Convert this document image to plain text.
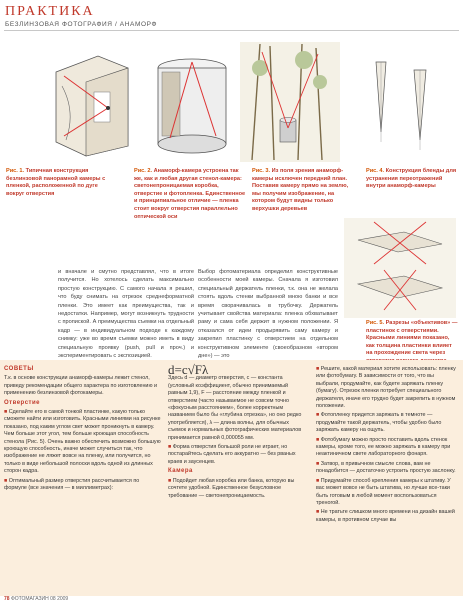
ПРАКТИКА
БЕЗЛИНЗОВАЯ ФОТОГРАФИЯ / АНАМОРФ
Рис. 1. Типичная конструкция безлинзовой панорамной камеры с пленкой, расположенной по дуге вокруг отверстия
Рис. 2. Анаморф-камера устроена так же, как и любая другая стенол-камера: светонепроницаемая коробка, отверстие и фотопленка. Единственное и принципиальное отличие — пленка стоит вокруг отверстия параллельно оптической оси
Рис. 3. Из поля зрения анаморф-камеры исключен передний план. Поставив камеру прямо на землю, мы получим изображение, на котором будут видны только верхушки деревьев
Рис. 4. Конструкция бленды для устранения переотражений внутри анаморф-камеры
Рис. 5. Разрезы «объективов» — пластинок с отверстиями. Красными линиями показано, как толщина пластинки влияет на прохождение света через
и вначале и смутно представлял, что в итоге получится. Но хотелось сделать максимально простую конструкцию. С самого начала я решил, что буду снимать на отрезок среднеформатной пленки. Это имеет как преимущества, так и недостатки. Например, могут возникнуть трудности с пропиской. А преимущества съемки на отдельный кадр — в индивидуальном подходе к каждому снимку: уже во время съемки можно иметь в виду специальную проявку (push, pull и проч.) и экспериментировать с экспозицией.
Выбор фотоматериала определил конструктивные особенности моей камеры. Сначала я изготовил специальный держатель пленки, т.к. она не желала стоять вдоль стенки выбранной мною банки и все время сворачивалась в трубочку. Держатель учитывает свойства материала: пленка обхватывает раму и сама себя держит в нужном положении. Я отказался от идеи продырявить саму камеру и закрепил пластинку с отверстием на отдельном конструктивном элементе (своеобразном «втором дне») — это

СОВЕТЫ

Т.к. в основе конструкции анаморф-камеры лежит стенол, приведу рекомендации общего характера по изготовлению и применению безлинзовой фотокамеры.

Отверстие

■ Сделайте его в самой тонкой пластинке, какую только сможете найти или изготовить. Красными линиями на рисунке показано, под каким углом свет может проникнуть в камеру. Чем больше этот угол, тем больше кроющая способность стенола (Рис. 5). Очень важно обеспечить возможно большую кроющую способность, иначе может случиться так, что изображение не ляжет вовсе на пленку, или получится, но только в виде небольшой полоски вдоль одной из длинных сторон кадра.

■ Оптимальный размер отверстия рассчитывается по формуле (все значения — в миллиметрах):

d=c√Fλ

Здесь d — диаметр отверстия, c — константа (условный коэффициент, обычно принимаемый равным 1,9), F — расстояние между пленкой и отверстием (часто называемое не совсем точно «фокусным расстоянием», более корректным названием было бы «глубина отрезка», но оно редко употребляется), λ — длина волны, для обычных съемок и нормальных фотографических материалов принимается равной 0,000055 мм.

■ Форма отверстия большой роли не играет, но постарайтесь сделать его аккуратно — без рваных краев и заусенцев.

Камера

■ Подойдет любая коробка или банка, которую вы сочтете удобной. Единственное безусловное требование — светонепроницаемость.

■ Решите, какой материал хотите использовать: пленку или фотобумагу. В зависимости от того, что вы выбрали, продумайте, как будете заряжать пленку (бумагу). Отрезок пленки потребует специального держателя, иначе его трудно будет закрепить в нужном положении.

■ Фотопленку придется заряжать в темноте — продумайте такой держатель, чтобы удобно было заряжать камеру на ощупь.

■ Фотобумагу можно просто поставить вдоль стенок камеры, кроме того, ее можно заряжать в камеру при неактиничном свете лабораторного фонаря.

■ Затвор, в привычном смысле слова, вам не понадобится — достаточно устроить простую заслонку.

■ Придумайте способ крепления камеры к штативу. У вас может вовсе не быть штатива, но лучше все-таки быть готовым в любой момент воспользоваться треногой.

■ Не тратьте слишком много времени на дизайн вашей камеры, в противном случае вы

78 ФОТОМАГАЗИН 08 2009
